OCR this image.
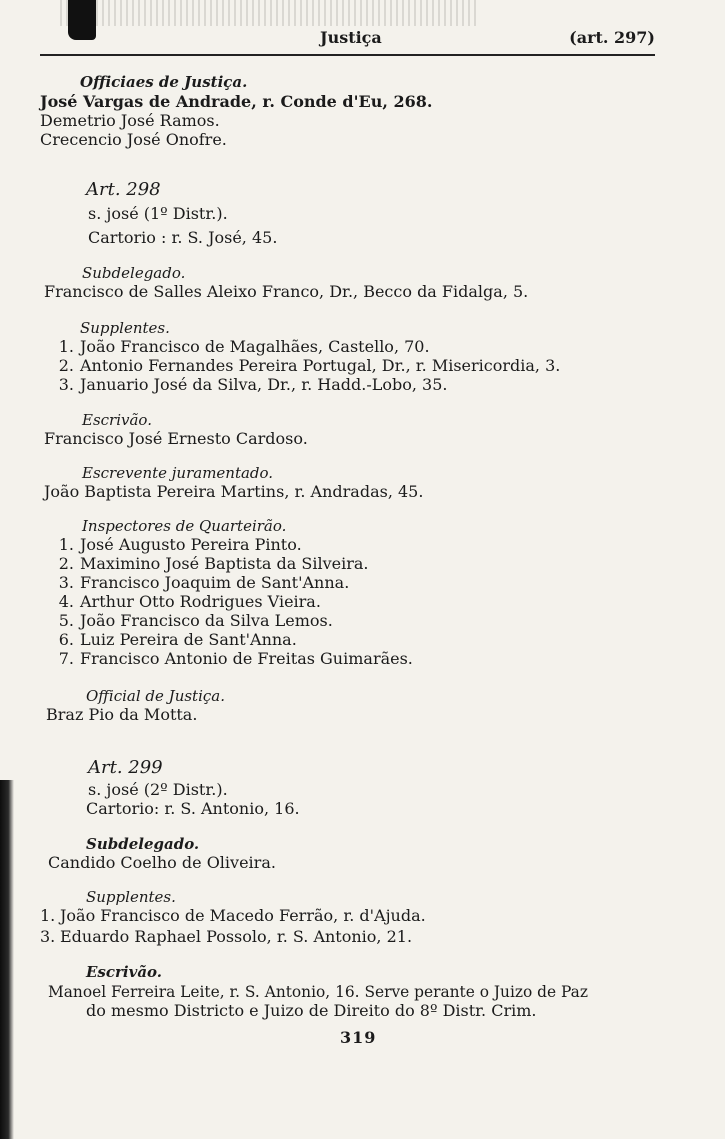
Justiça	(art. 297)
Officiaes de Justiça.
José Vargas de Andrade, r. Conde d'Eu, 268.
Demetrio José Ramos.
Crecencio José Onofre.
Art. 298
s. josé (1º Distr.).
Cartorio : r. S. José, 45.
Subdelegado.
Francisco de Salles Aleixo Franco, Dr., Becco da Fidalga, 5.
Supplentes.
1. João Francisco de Magalhães, Castello, 70.
2. Antonio Fernandes Pereira Portugal, Dr., r. Misericordia, 3.
3. Januario José da Silva, Dr., r. Hadd.-Lobo, 35.
Escrivão.
Francisco José Ernesto Cardoso.
Escrevente juramentado.
João Baptista Pereira Martins, r. Andradas, 45.
Inspectores de Quarteirão.
1. José Augusto Pereira Pinto.
2. Maximino José Baptista da Silveira.
3. Francisco Joaquim de Sant'Anna.
4. Arthur Otto Rodrigues Vieira.
5. João Francisco da Silva Lemos.
6. Luiz Pereira de Sant'Anna.
7. Francisco Antonio de Freitas Guimarães.
Official de Justiça.
Braz Pio da Motta.
Art. 299
s. josé (2º Distr.).
Cartorio: r. S. Antonio, 16.
Subdelegado.
Candido Coelho de Oliveira.
Supplentes.
1. João Francisco de Macedo Ferrão, r. d'Ajuda.
3. Eduardo Raphael Possolo, r. S. Antonio, 21.
Escrivão.
Manoel Ferreira Leite, r. S. Antonio, 16. Serve perante o Juizo de Paz
do mesmo Districto e Juizo de Direito do 8º Distr. Crim.
319
